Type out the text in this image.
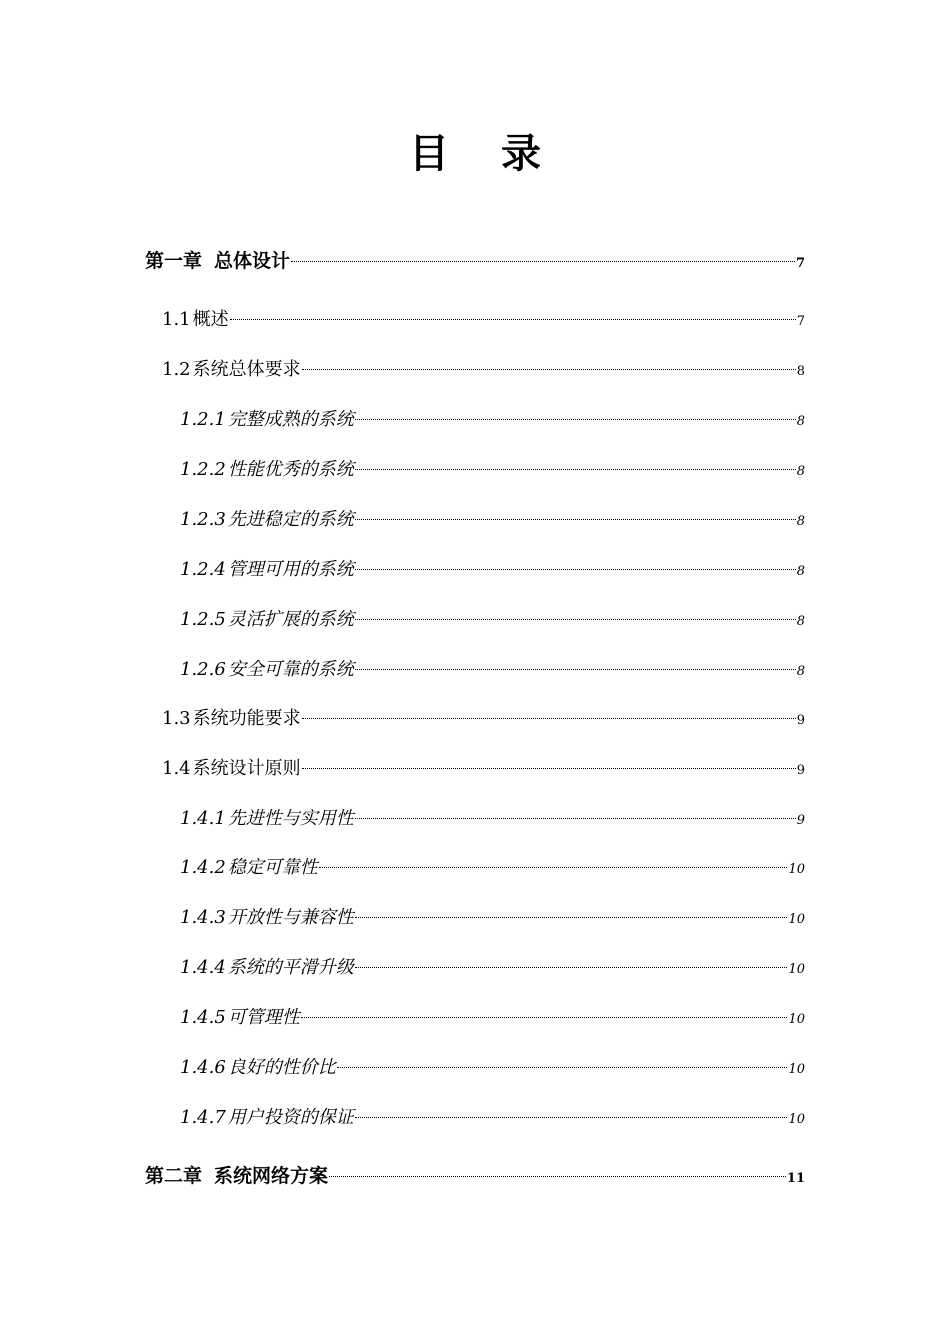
目 录
第一章 总体设计	7
1.1 概述	7
1.2 系统总体要求	8
1.2.1 完整成熟的系统	8
1.2.2 性能优秀的系统	8
1.2.3 先进稳定的系统	8
1.2.4 管理可用的系统	8
1.2.5 灵活扩展的系统	8
1.2.6 安全可靠的系统	8
1.3 系统功能要求	9
1.4 系统设计原则	9
1.4.1 先进性与实用性	9
1.4.2 稳定可靠性	10
1.4.3 开放性与兼容性	10
1.4.4 系统的平滑升级	10
1.4.5 可管理性	10
1.4.6 良好的性价比	10
1.4.7 用户投资的保证	10
第二章 系统网络方案	11
